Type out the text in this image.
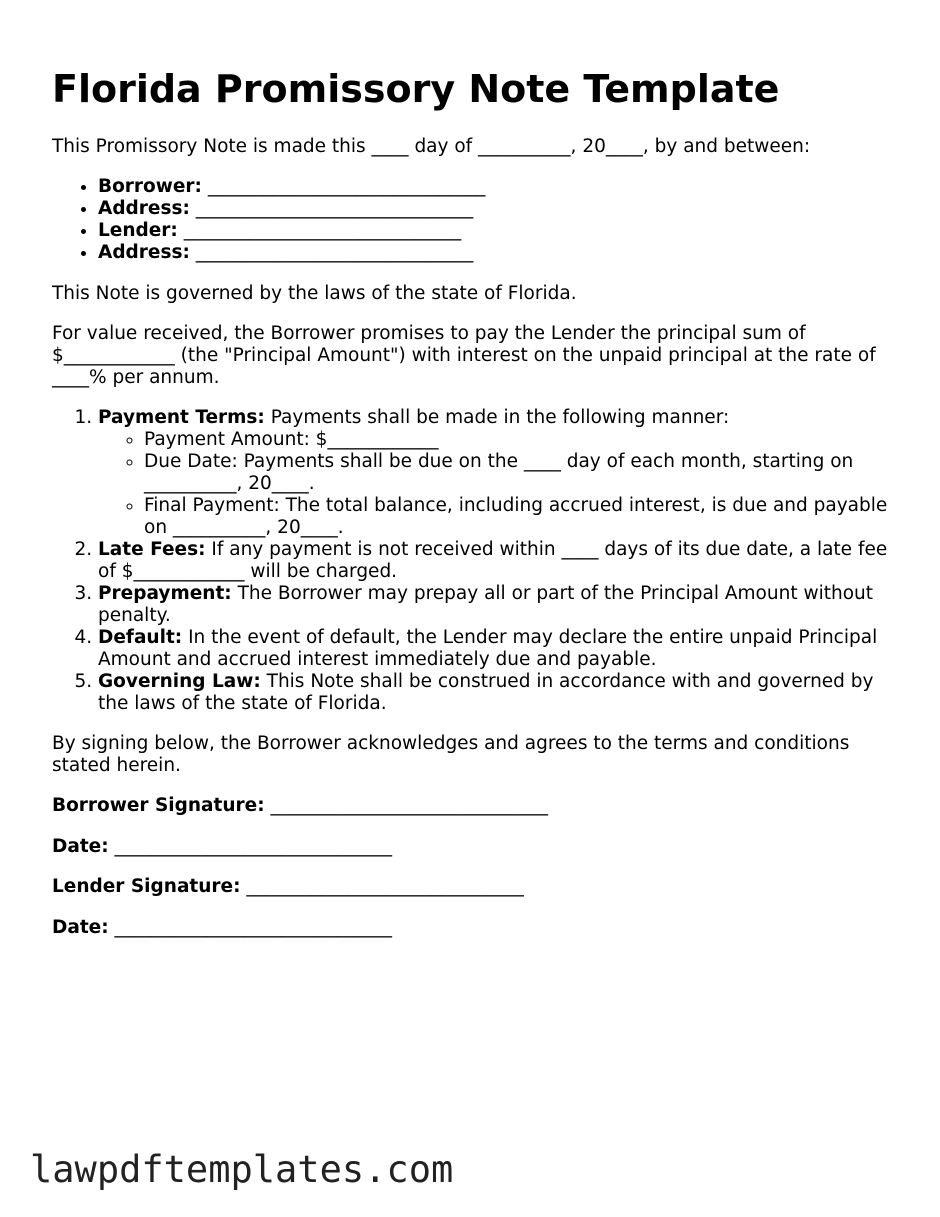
Florida Promissory Note Template

This Promissory Note is made this ____ day of __________, 20____, by and between:

• Borrower: ______________________________
• Address: ______________________________
• Lender: ______________________________
• Address: ______________________________

This Note is governed by the laws of the state of Florida.

For value received, the Borrower promises to pay the Lender the principal sum of $____________ (the "Principal Amount") with interest on the unpaid principal at the rate of ____% per annum.

1. Payment Terms: Payments shall be made in the following manner:
◦ Payment Amount: $____________
◦ Due Date: Payments shall be due on the ____ day of each month, starting on __________, 20____.
◦ Final Payment: The total balance, including accrued interest, is due and payable on __________, 20____.
2. Late Fees: If any payment is not received within ____ days of its due date, a late fee of $____________ will be charged.
3. Prepayment: The Borrower may prepay all or part of the Principal Amount without penalty.
4. Default: In the event of default, the Lender may declare the entire unpaid Principal Amount and accrued interest immediately due and payable.
5. Governing Law: This Note shall be construed in accordance with and governed by the laws of the state of Florida.

By signing below, the Borrower acknowledges and agrees to the terms and conditions stated herein.

Borrower Signature: ______________________________

Date: ______________________________

Lender Signature: ______________________________

Date: ______________________________

lawpdftemplates.com
